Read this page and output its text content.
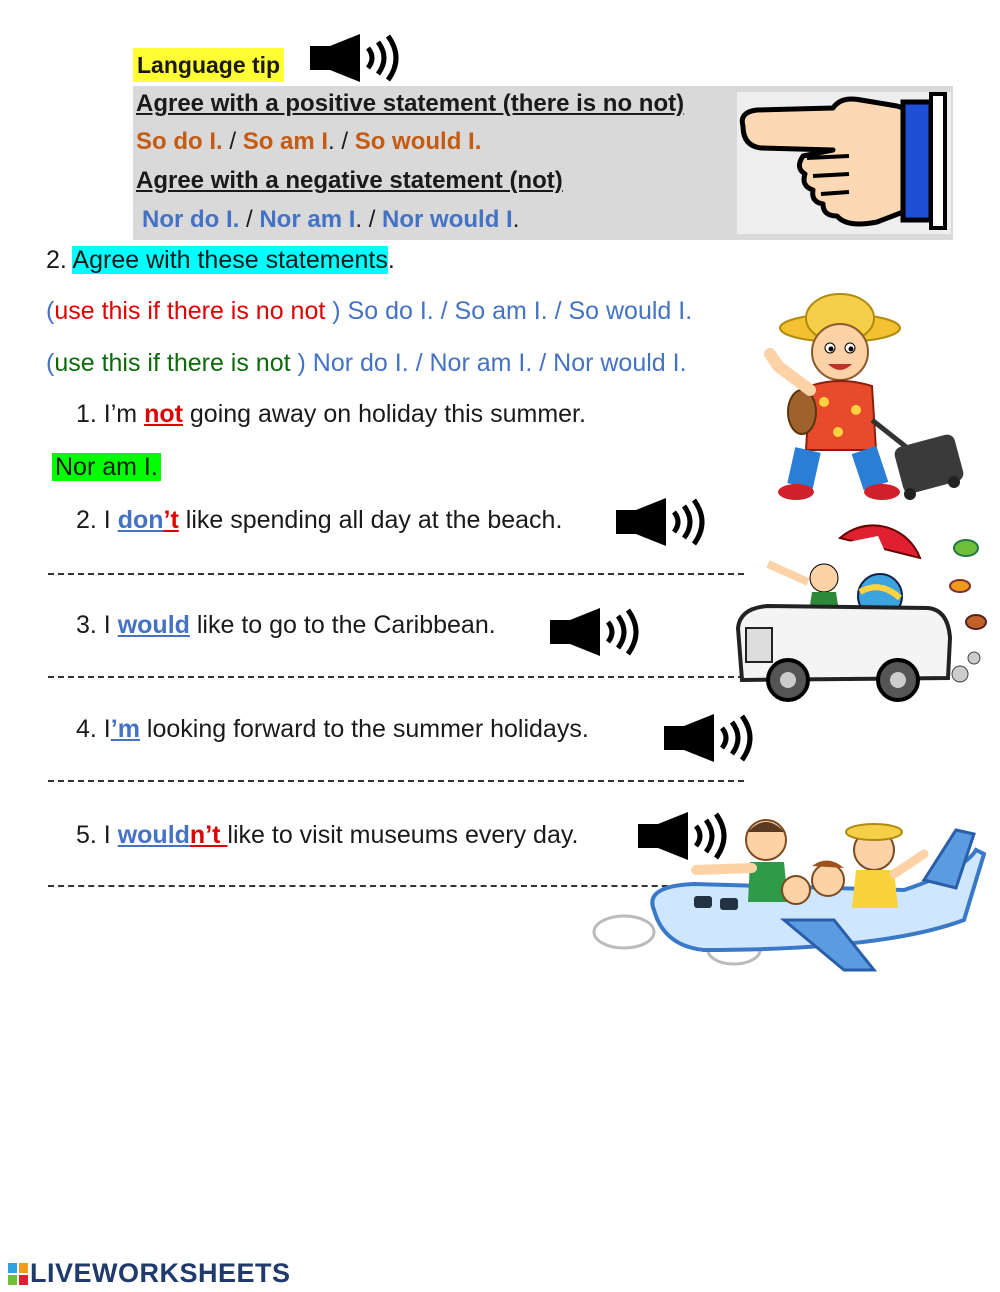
Language tip
Agree with a positive statement (there is no not)
So do I. / So am I. / So would I.
Agree with a negative statement (not)
Nor do I. / Nor am I. / Nor would I.
2. Agree with these statements.
(use this if there is no not ) So do I. / So am I. / So would I.
(use this if there is not ) Nor do I. / Nor am I. / Nor would I.
1. I’m not going away on holiday this summer.
Nor am I.
2. I don’t like spending all day at the beach.
3. I would like to go to the Caribbean.
4. I’m looking forward to the summer holidays.
5. I wouldn’t like to visit museums every day.
LIVEWORKSHEETS
